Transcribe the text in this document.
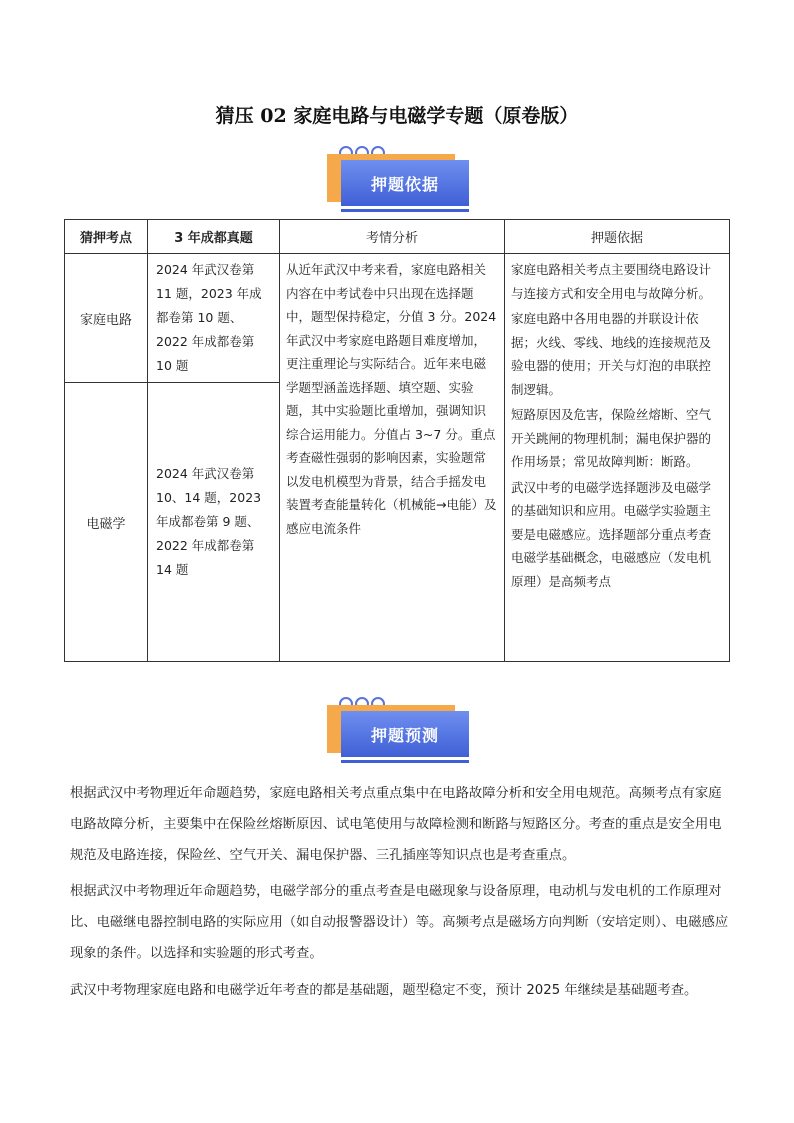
猜压 02 家庭电路与电磁学专题（原卷版）
押题依据
猜押考点	3 年成都真题	考情分析	押题依据
家庭电路	2024 年武汉卷第 11 题，2023 年成都卷第 10 题、2022 年成都卷第 10 题	从近年武汉中考来看，家庭电路相关内容在中考试卷中只出现在选择题中，题型保持稳定，分值 3 分。2024 年武汉中考家庭电路题目难度增加，更注重理论与实际结合。近年来电磁学题型涵盖选择题、填空题、实验题，其中实验题比重增加，强调知识综合运用能力。分值占 3~7 分。重点考查磁性强弱的影响因素，实验题常以发电机模型为背景，结合手摇发电装置考查能量转化（机械能→电能）及感应电流条件	家庭电路相关考点主要围绕电路设计与连接方式和安全用电与故障分析。

家庭电路中各用电器的并联设计依据；火线、零线、地线的连接规范及验电器的使用；开关与灯泡的串联控制逻辑。

短路原因及危害，保险丝熔断、空气开关跳闸的物理机制；漏电保护器的作用场景；常见故障判断：断路。

武汉中考的电磁学选择题涉及电磁学的基础知识和应用。电磁学实验题主要是电磁感应。选择题部分重点考查电磁学基础概念，电磁感应（发电机原理）是高频考点

电磁学	2024 年武汉卷第 10、14 题，2023 年成都卷第 9 题、2022 年成都卷第 14 题		
押题预测

根据武汉中考物理近年命题趋势，家庭电路相关考点重点集中在电路故障分析和安全用电规范。高频考点有家庭电路故障分析，主要集中在保险丝熔断原因、试电笔使用与故障检测和断路与短路区分。考查的重点是安全用电规范及电路连接，保险丝、空气开关、漏电保护器、三孔插座等知识点也是考查重点。

根据武汉中考物理近年命题趋势，电磁学部分的重点考查是电磁现象与设备原理，电动机与发电机的工作原理对比、电磁继电器控制电路的实际应用（如自动报警器设计）等。高频考点是磁场方向判断（安培定则）、电磁感应现象的条件。以选择和实验题的形式考查。

武汉中考物理家庭电路和电磁学近年考查的都是基础题，题型稳定不变，预计 2025 年继续是基础题考查。
